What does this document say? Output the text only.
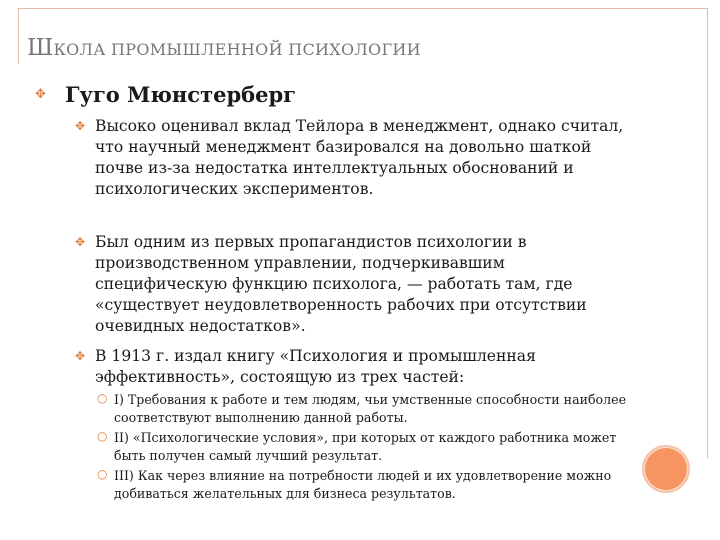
ШКОЛА ПРОМЫШЛЕННОЙ ПСИХОЛОГИИ
✥ Гуго Мюнстерберг
✥ Высоко оценивал вклад Тейлора в менеджмент, однако считал, что научный менеджмент базировался на довольно шаткой почве из-за недостатка интеллектуальных обоснований и психологических экспериментов.
✥ Был одним из первых пропагандистов психологии в производственном управлении, подчеркивавшим специфическую функцию психолога, — работать там, где «существует неудовлетворенность рабочих при отсутствии очевидных недостатков».
✥ В 1913 г. издал книгу «Психология и промышленная эффективность», состоящую из трех частей:
○ I) Требования к работе и тем людям, чьи умственные способности наиболее соответствуют выполнению данной работы.
○ II) «Психологические условия», при которых от каждого работника может быть получен самый лучший результат.
○ III) Как через влияние на потребности людей и их удовлетворение можно добиваться желательных для бизнеса результатов.
